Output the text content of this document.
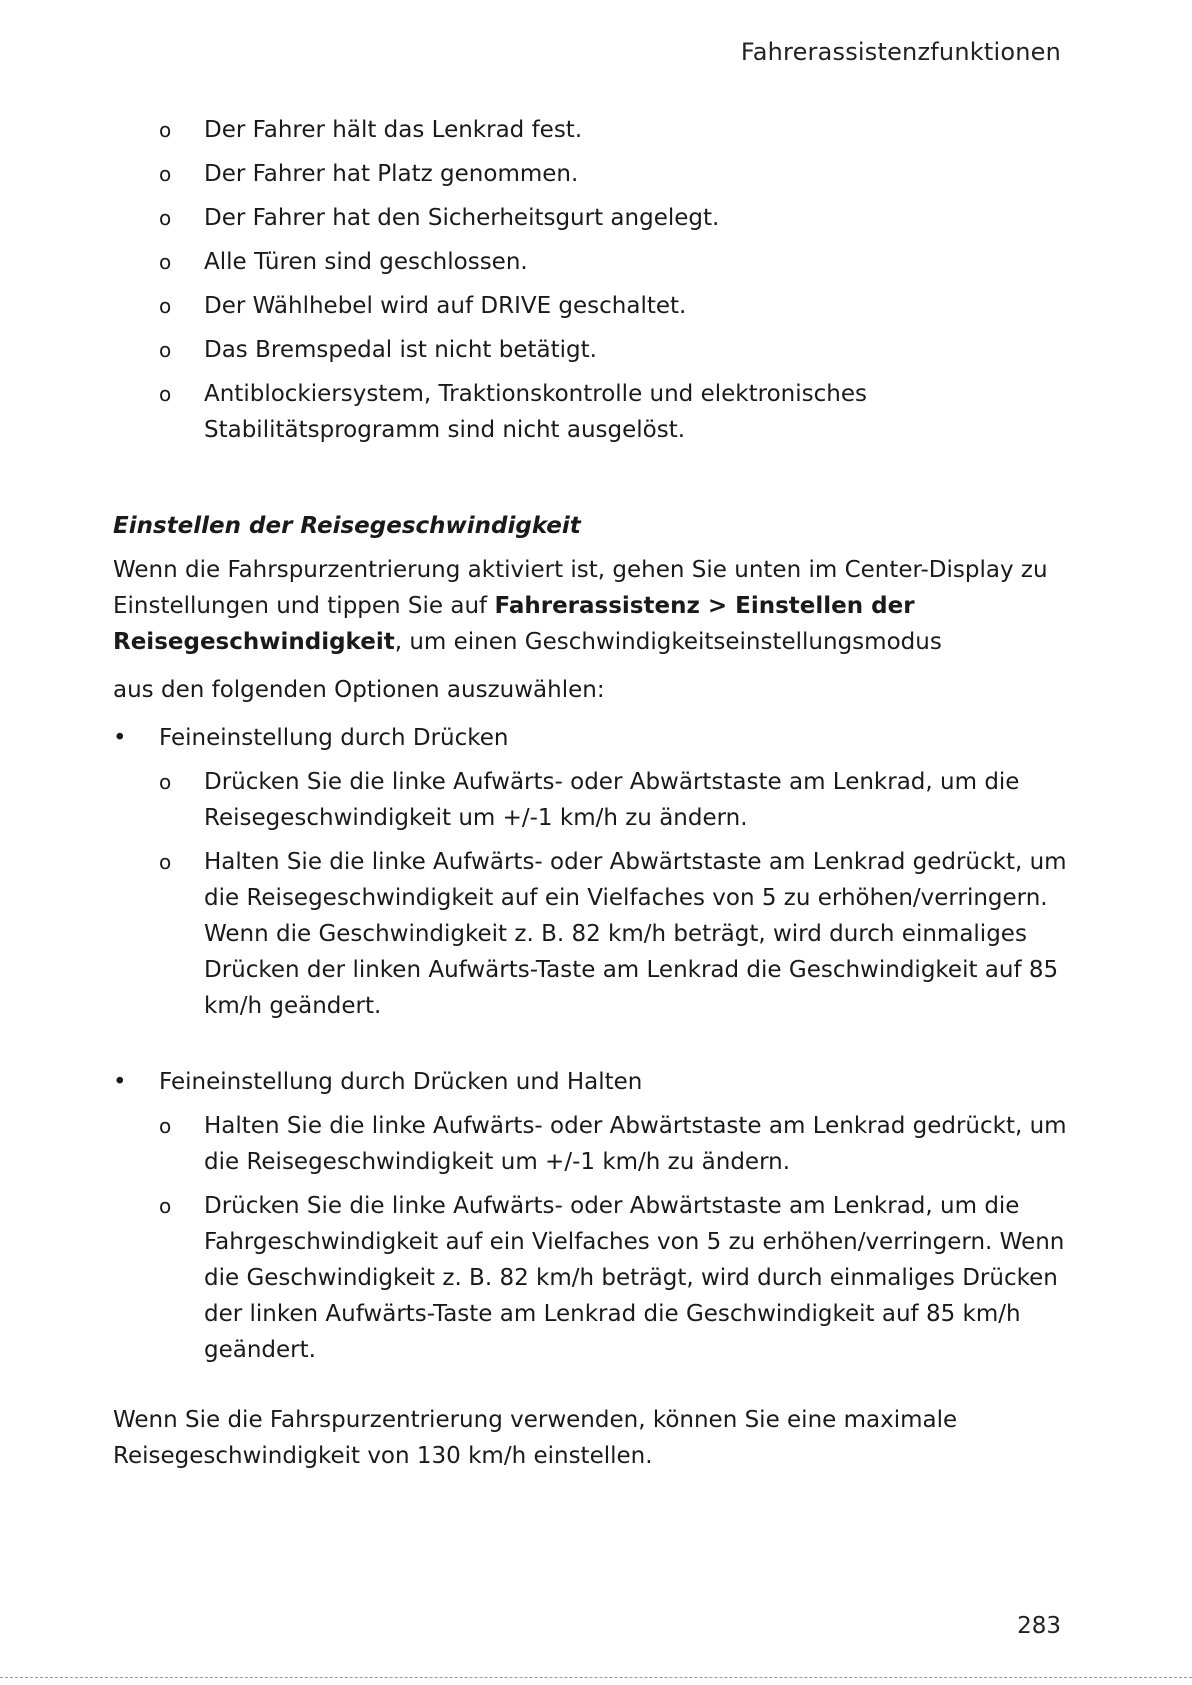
Fahrerassistenzfunktionen
o Der Fahrer hält das Lenkrad fest.
o Der Fahrer hat Platz genommen.
o Der Fahrer hat den Sicherheitsgurt angelegt.
o Alle Türen sind geschlossen.
o Der Wählhebel wird auf DRIVE geschaltet.
o Das Bremspedal ist nicht betätigt.
o Antiblockiersystem, Traktionskontrolle und elektronisches Stabilitätsprogramm sind nicht ausgelöst.
Einstellen der Reisegeschwindigkeit

Wenn die Fahrspurzentrierung aktiviert ist, gehen Sie unten im Center-Display zu Einstellungen und tippen Sie auf Fahrerassistenz > Einstellen der Reisegeschwindigkeit, um einen Geschwindigkeitseinstellungsmodus

aus den folgenden Optionen auszuwählen:

• Feineinstellung durch Drücken
o Drücken Sie die linke Aufwärts- oder Abwärtstaste am Lenkrad, um die Reisegeschwindigkeit um +/-1 km/h zu ändern.
o Halten Sie die linke Aufwärts- oder Abwärtstaste am Lenkrad gedrückt, um die Reisegeschwindigkeit auf ein Vielfaches von 5 zu erhöhen/verringern. Wenn die Geschwindigkeit z. B. 82 km/h beträgt, wird durch einmaliges Drücken der linken Aufwärts-Taste am Lenkrad die Geschwindigkeit auf 85 km/h geändert.
• Feineinstellung durch Drücken und Halten
o Halten Sie die linke Aufwärts- oder Abwärtstaste am Lenkrad gedrückt, um die Reisegeschwindigkeit um +/-1 km/h zu ändern.
o Drücken Sie die linke Aufwärts- oder Abwärtstaste am Lenkrad, um die Fahrgeschwindigkeit auf ein Vielfaches von 5 zu erhöhen/verringern. Wenn die Geschwindigkeit z. B. 82 km/h beträgt, wird durch einmaliges Drücken der linken Aufwärts-Taste am Lenkrad die Geschwindigkeit auf 85 km/h geändert.

Wenn Sie die Fahrspurzentrierung verwenden, können Sie eine maximale Reisegeschwindigkeit von 130 km/h einstellen.

283
